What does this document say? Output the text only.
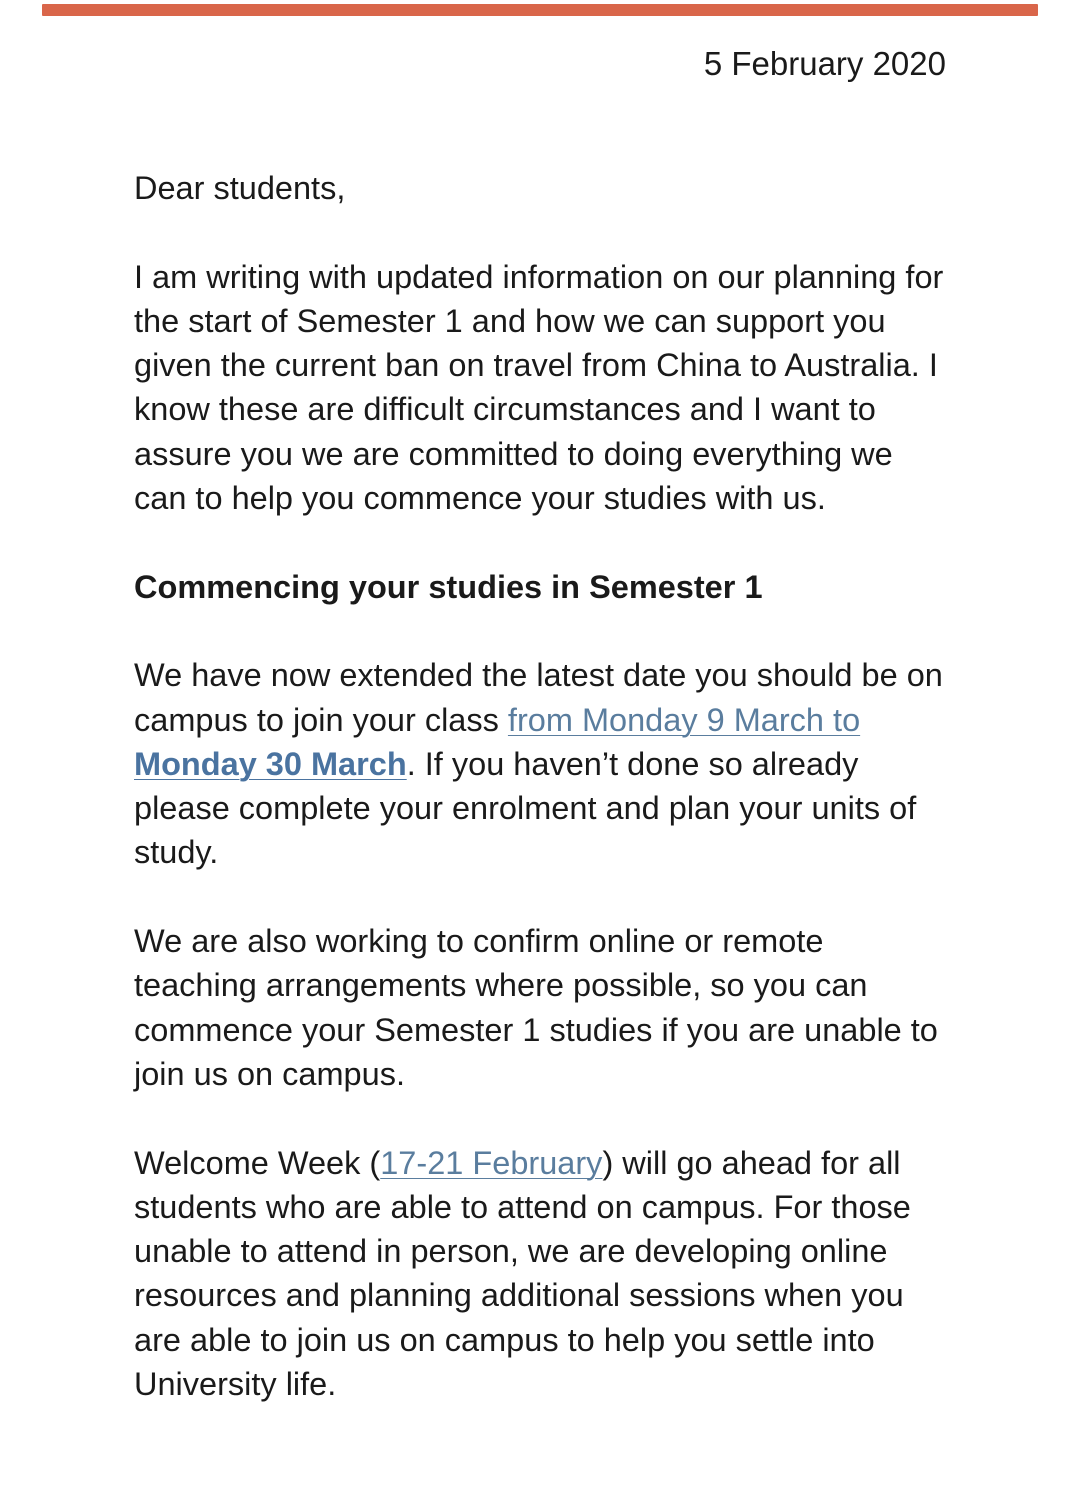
5 February 2020

Dear students,

I am writing with updated information on our planning for the start of Semester 1 and how we can support you given the current ban on travel from China to Australia. I know these are difficult circumstances and I want to assure you we are committed to doing everything we can to help you commence your studies with us.

Commencing your studies in Semester 1

We have now extended the latest date you should be on campus to join your class from Monday 9 March to Monday 30 March. If you haven’t done so already please complete your enrolment and plan your units of study.

We are also working to confirm online or remote teaching arrangements where possible, so you can commence your Semester 1 studies if you are unable to join us on campus.

Welcome Week (17-21 February) will go ahead for all students who are able to attend on campus. For those unable to attend in person, we are developing online resources and planning additional sessions when you are able to join us on campus to help you settle into University life.
